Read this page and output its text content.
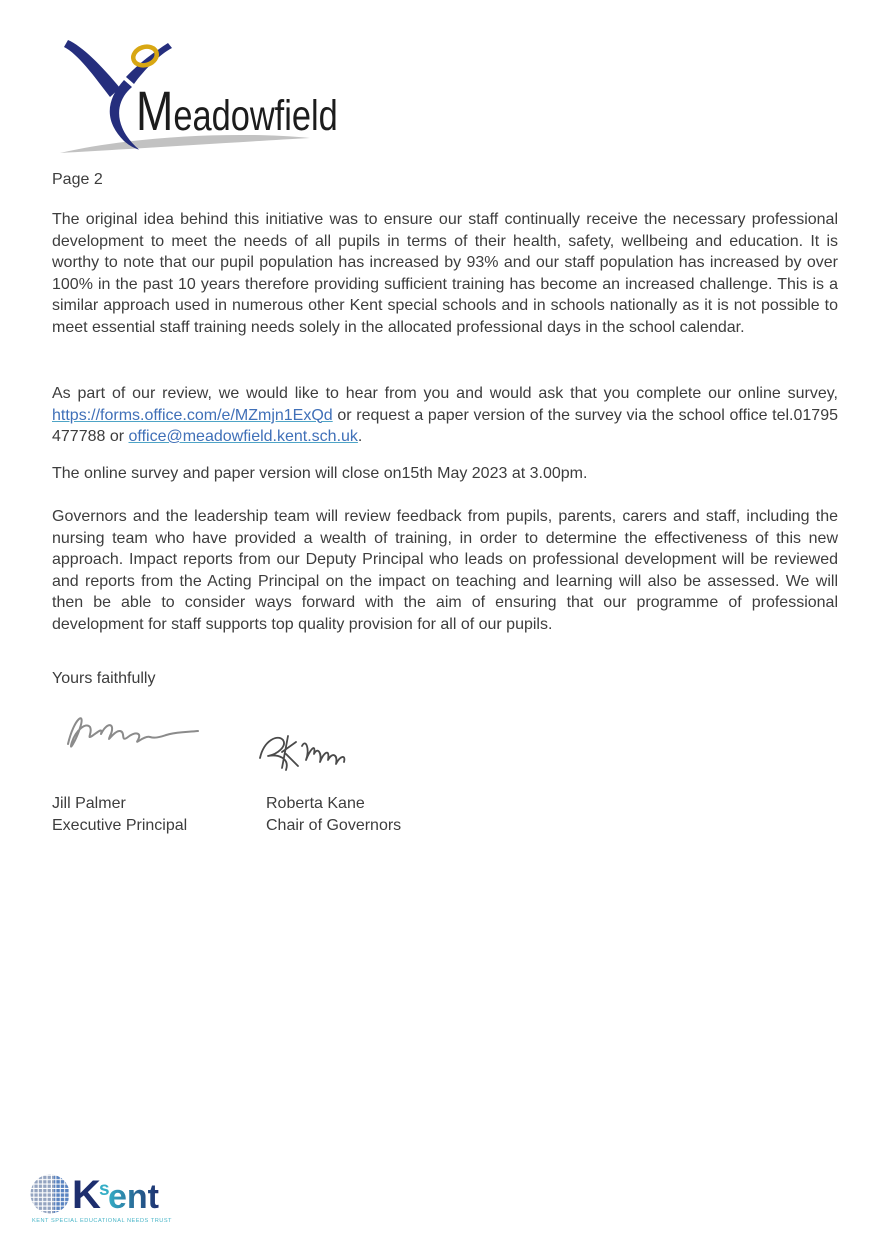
Meadowfield
Page 2

The original idea behind this initiative was to ensure our staff continually receive the necessary professional development to meet the needs of all pupils in terms of their health, safety, wellbeing and education. It is worthy to note that our pupil population has increased by 93% and our staff population has increased by over 100% in the past 10 years therefore providing sufficient training has become an increased challenge. This is a similar approach used in numerous other Kent special schools and in schools nationally as it is not possible to meet essential staff training needs solely in the allocated professional days in the school calendar.

As part of our review, we would like to hear from you and would ask that you complete our online survey, https://forms.office.com/e/MZmjn1ExQd or request a paper version of the survey via the school office tel.01795 477788 or office@meadowfield.kent.sch.uk.

The online survey and paper version will close on15th May 2023 at 3.00pm.

Governors and the leadership team will review feedback from pupils, parents, carers and staff, including the nursing team who have provided a wealth of training, in order to determine the effectiveness of this new approach. Impact reports from our Deputy Principal who leads on professional development will be reviewed and reports from the Acting Principal on the impact on teaching and learning will also be assessed. We will then be able to consider ways forward with the aim of ensuring that our programme of professional development for staff supports top quality provision for all of our pupils.

Yours faithfully
Jill Palmer
Executive Principal
Roberta Kane
Chair of Governors
K
s
ent
KENT SPECIAL EDUCATIONAL NEEDS TRUST
